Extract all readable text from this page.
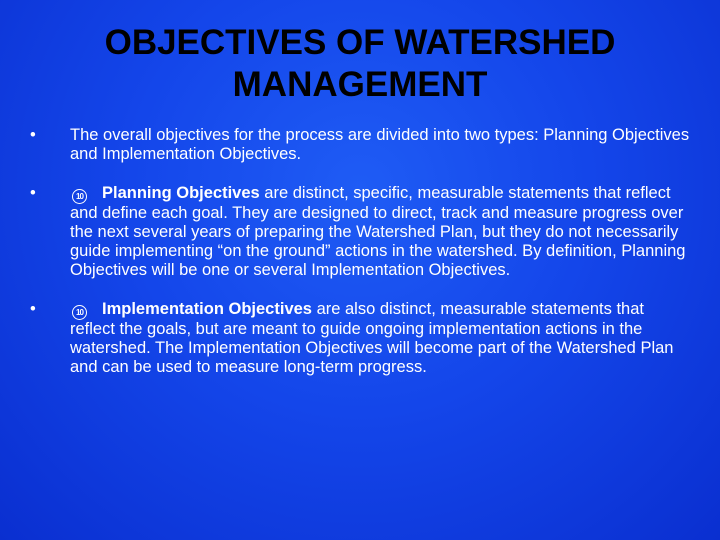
OBJECTIVES OF WATERSHED
MANAGEMENT
• The overall objectives for the process are divided into two types: Planning Objectives and Implementation Objectives.
•	10 Planning Objectives are distinct, specific, measurable statements that reflect and define each goal. They are designed to direct, track and measure progress over the next several years of preparing the Watershed Plan, but they do not necessarily guide implementing “on the ground” actions in the watershed. By definition, Planning Objectives will be one or several Implementation Objectives.
•	10 Implementation Objectives are also distinct, measurable statements that reflect the goals, but are meant to guide ongoing implementation actions in the watershed. The Implementation Objectives will become part of the Watershed Plan and can be used to measure long-term progress.
